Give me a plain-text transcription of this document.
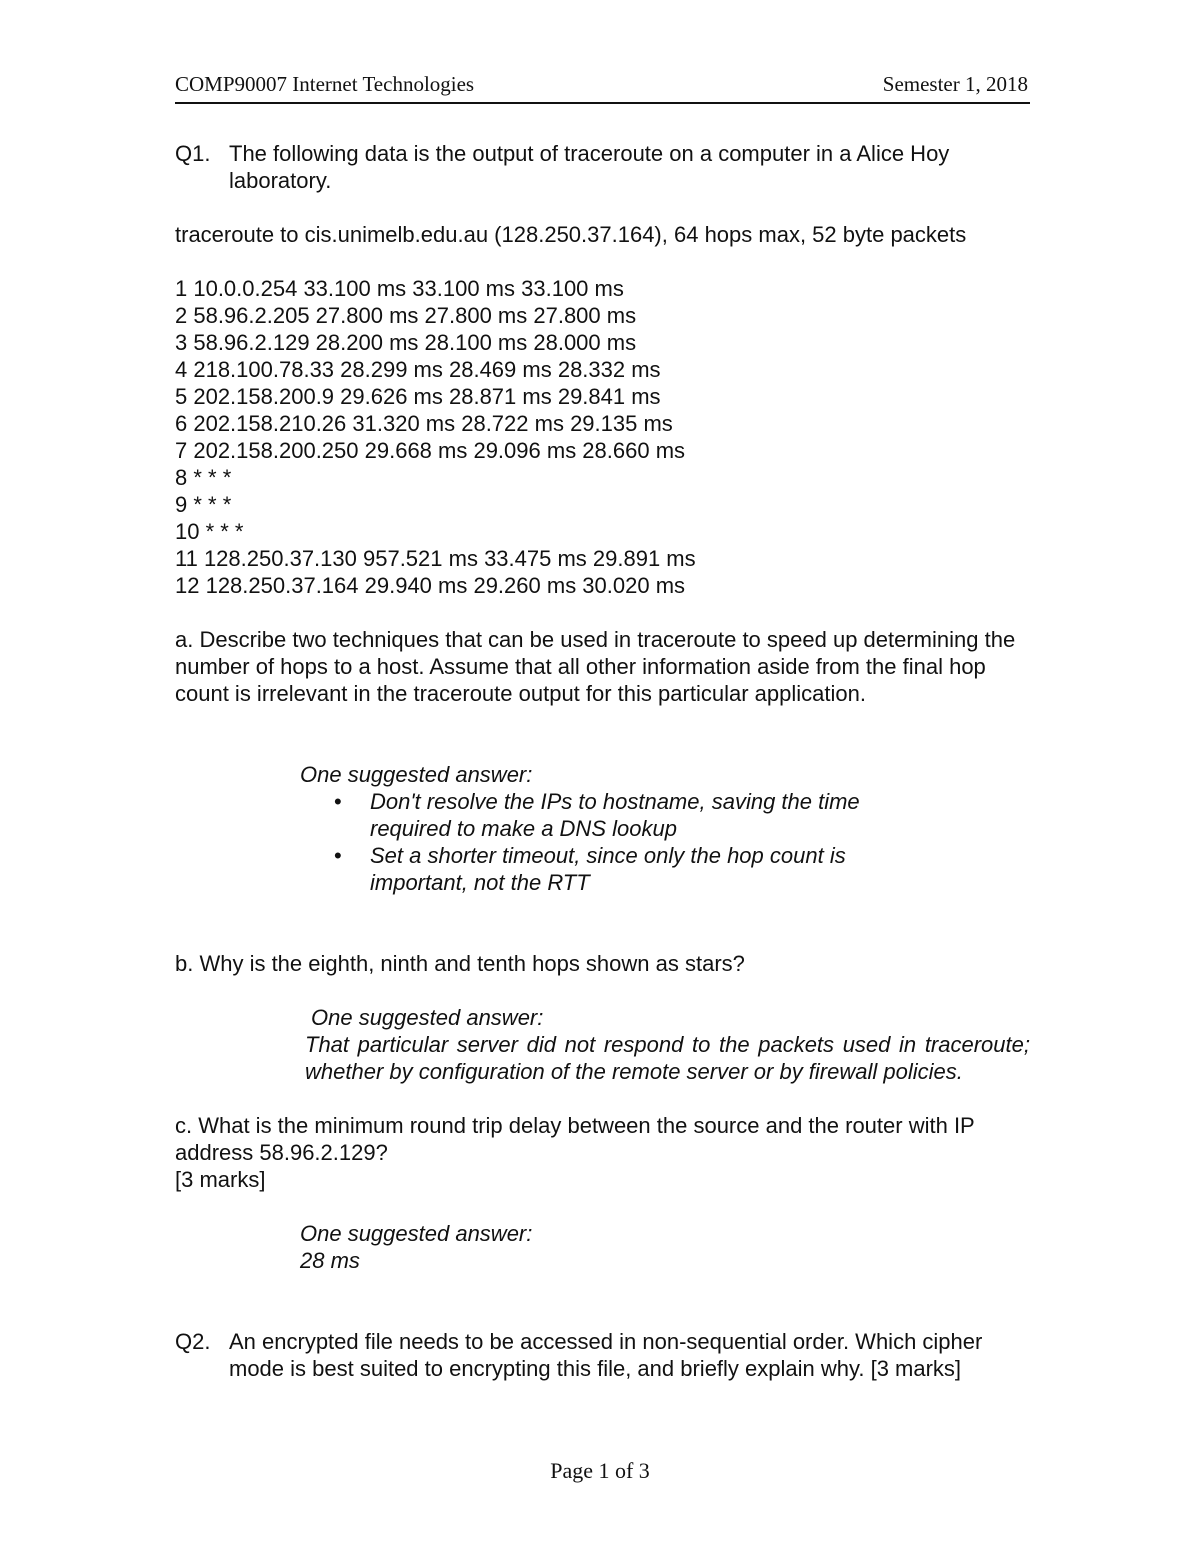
COMP90007 Internet Technologies	Semester 1, 2018
Q1. The following data is the output of traceroute on a computer in a Alice Hoy laboratory.
traceroute to cis.unimelb.edu.au (128.250.37.164), 64 hops max, 52 byte packets
1 10.0.0.254 33.100 ms 33.100 ms 33.100 ms
2 58.96.2.205 27.800 ms 27.800 ms 27.800 ms
3 58.96.2.129 28.200 ms 28.100 ms 28.000 ms
4 218.100.78.33 28.299 ms 28.469 ms 28.332 ms
5 202.158.200.9 29.626 ms 28.871 ms 29.841 ms
6 202.158.210.26 31.320 ms 28.722 ms 29.135 ms
7 202.158.200.250 29.668 ms 29.096 ms 28.660 ms
8 * * *
9 * * *
10 * * *
11 128.250.37.130 957.521 ms 33.475 ms 29.891 ms
12 128.250.37.164 29.940 ms 29.260 ms 30.020 ms
a. Describe two techniques that can be used in traceroute to speed up determining the number of hops to a host. Assume that all other information aside from the final hop count is irrelevant in the traceroute output for this particular application.
One suggested answer:
• Don't resolve the IPs to hostname, saving the time required to make a DNS lookup
• Set a shorter timeout, since only the hop count is important, not the RTT
b. Why is the eighth, ninth and tenth hops shown as stars?
One suggested answer:
That particular server did not respond to the packets used in traceroute; whether by configuration of the remote server or by firewall policies.
c. What is the minimum round trip delay between the source and the router with IP address 58.96.2.129?
[3 marks]
One suggested answer:
28 ms
Q2. An encrypted file needs to be accessed in non-sequential order. Which cipher mode is best suited to encrypting this file, and briefly explain why. [3 marks]
Page 1 of 3
